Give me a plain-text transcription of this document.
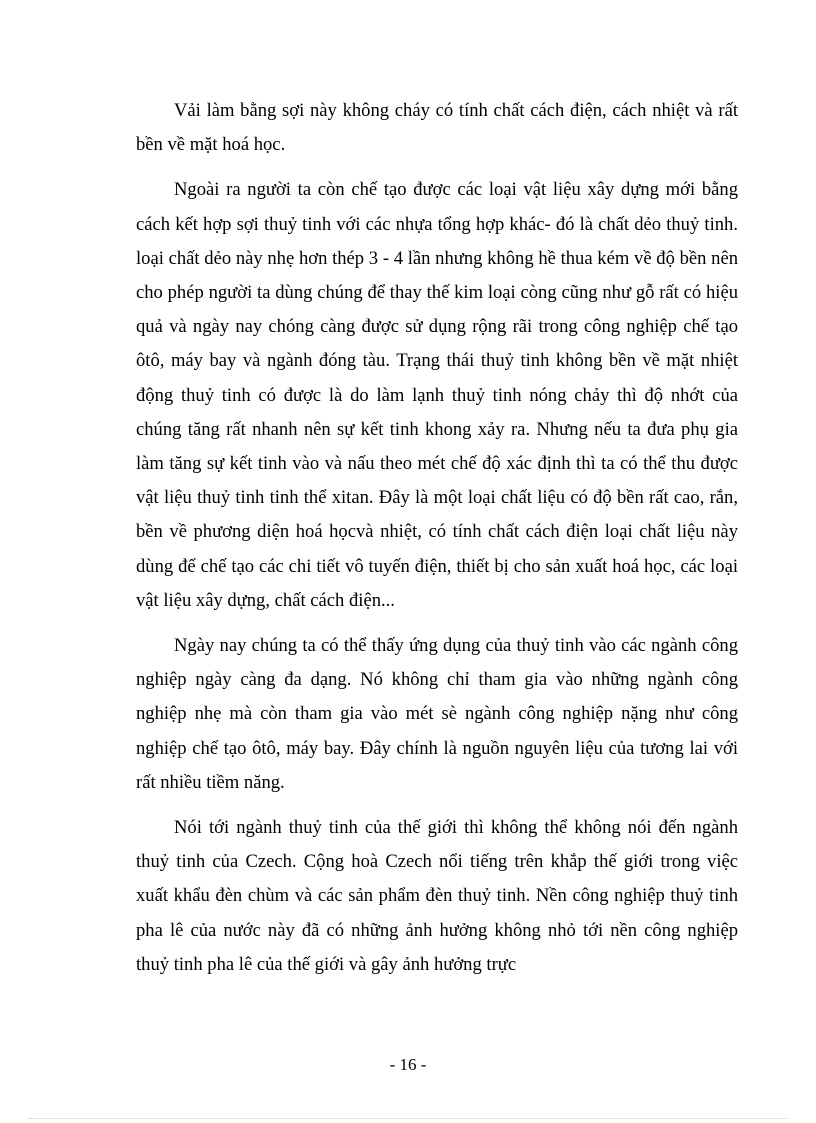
Vải làm bằng sợi này không cháy có tính chất cách điện, cách nhiệt và rất bền về mặt hoá học.

Ngoài ra người ta còn chế tạo được các loại vật liệu xây dựng mới bằng cách kết hợp sợi thuỷ tinh với các nhựa tổng hợp khác- đó là chất dẻo thuỷ tinh. loại chất dẻo này nhẹ hơn thép 3 - 4 lần nhưng không hề thua kém về độ bền nên cho phép người ta dùng chúng để thay thế kim loại còng cũng như gỗ rất có hiệu quả và ngày nay chóng càng được sử dụng rộng rãi trong công nghiệp chế tạo ôtô, máy bay và ngành đóng tàu. Trạng thái thuỷ tinh không bền về mặt nhiệt động thuỷ tinh có được là do làm lạnh thuỷ tinh nóng chảy thì độ nhớt của chúng tăng rất nhanh nên sự kết tinh khong xảy ra. Nhưng nếu ta đưa phụ gia làm tăng sự kết tinh vào và nấu theo mét chế độ xác định thì ta có thể thu được vật liệu thuỷ tinh tinh thể xitan. Đây là một loại chất liệu có độ bền rất cao, rắn, bền về phương diện hoá họcvà nhiệt, có tính chất cách điện loại chất liệu này dùng để chế tạo các chi tiết vô tuyến điện, thiết bị cho sản xuất hoá học, các loại vật liệu xây dựng, chất cách điện...

Ngày nay chúng ta có thể thấy ứng dụng của thuỷ tinh vào các ngành công nghiệp ngày càng đa dạng. Nó không chỉ tham gia vào những ngành công nghiệp nhẹ mà còn tham gia vào mét sè ngành công nghiệp nặng như công nghiệp chế tạo ôtô, máy bay. Đây chính là nguồn nguyên liệu của tương lai với rất nhiều tiềm năng.

Nói tới ngành thuỷ tinh của thế giới thì không thể không nói đến ngành thuỷ tinh của Czech. Cộng hoà Czech nổi tiếng trên khắp thế giới trong việc xuất khẩu đèn chùm và các sản phẩm đèn thuỷ tinh. Nền công nghiệp thuỷ tinh pha lê của nước này đã có những ảnh hưởng không nhỏ tới nền công nghiệp thuỷ tinh pha lê của thế giới và gây ảnh hưởng trực

- 16 -
